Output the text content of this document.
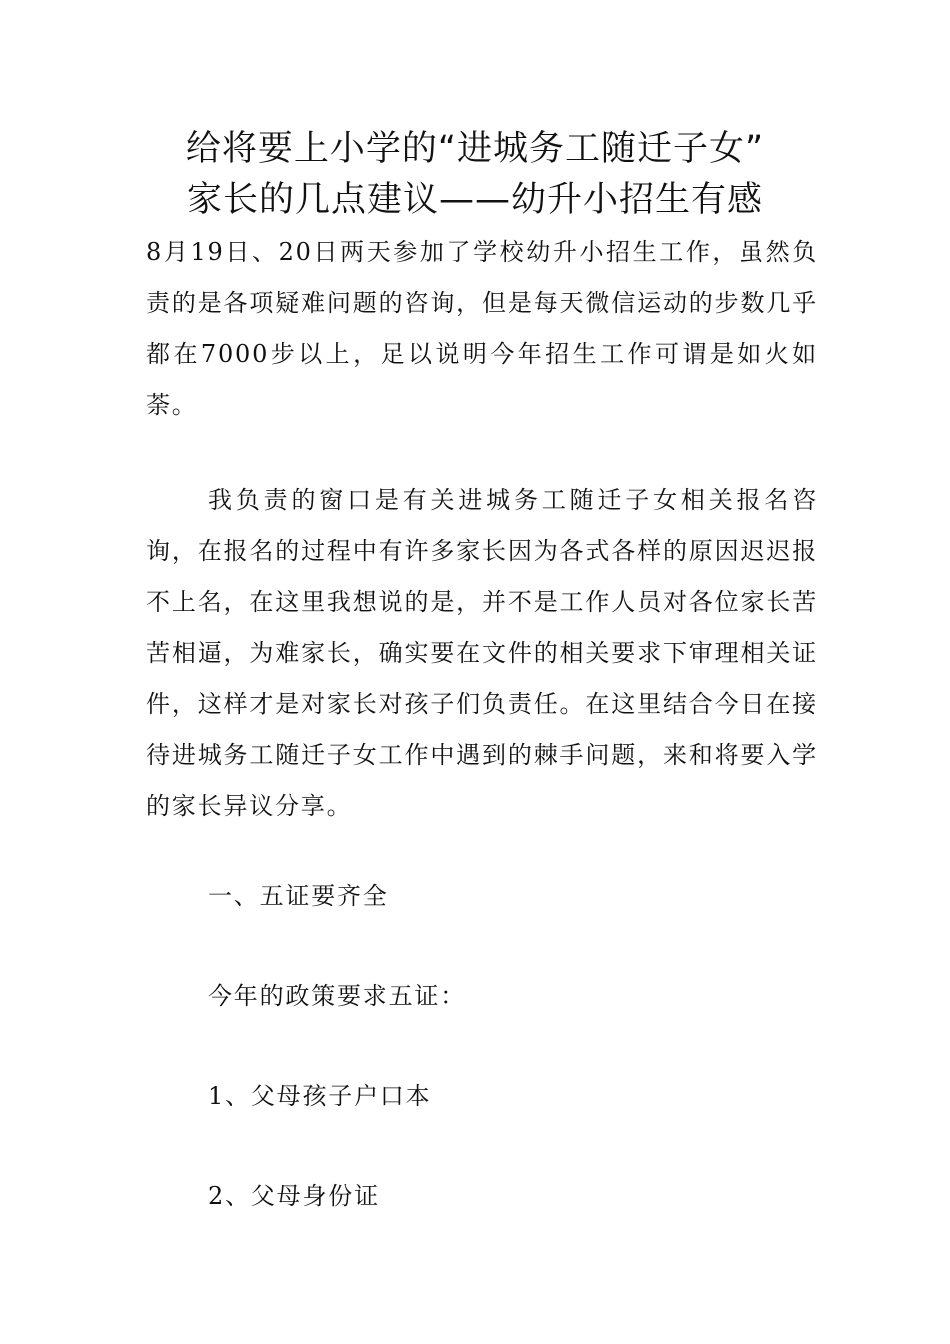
给将要上小学的“进城务工随迁子女”
家长的几点建议——幼升小招生有感

8月19日、20日两天参加了学校幼升小招生工作，虽然负责的是各项疑难问题的咨询，但是每天微信运动的步数几乎都在7000步以上，足以说明今年招生工作可谓是如火如荼。

我负责的窗口是有关进城务工随迁子女相关报名咨询，在报名的过程中有许多家长因为各式各样的原因迟迟报不上名，在这里我想说的是，并不是工作人员对各位家长苦苦相逼，为难家长，确实要在文件的相关要求下审理相关证件，这样才是对家长对孩子们负责任。在这里结合今日在接待进城务工随迁子女工作中遇到的棘手问题，来和将要入学的家长异议分享。

一、五证要齐全

今年的政策要求五证：

1、父母孩子户口本

2、父母身份证
